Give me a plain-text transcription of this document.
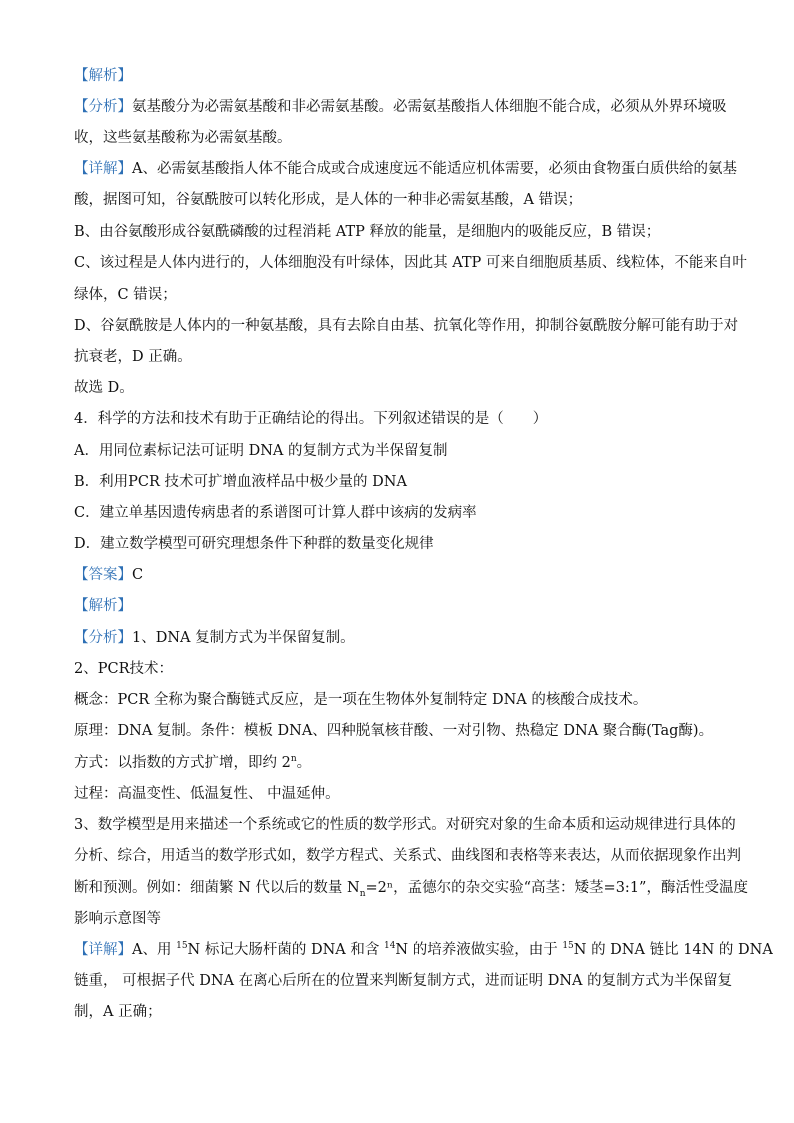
【解析】
【分析】氨基酸分为必需氨基酸和非必需氨基酸。必需氨基酸指人体细胞不能合成，必须从外界环境吸
收，这些氨基酸称为必需氨基酸。
【详解】A、必需氨基酸指人体不能合成或合成速度远不能适应机体需要，必须由食物蛋白质供给的氨基
酸，据图可知，谷氨酰胺可以转化形成，是人体的一种非必需氨基酸，A 错误；
B、由谷氨酸形成谷氨酰磷酸的过程消耗 ATP 释放的能量，是细胞内的吸能反应，B 错误；
C、该过程是人体内进行的，人体细胞没有叶绿体，因此其 ATP 可来自细胞质基质、线粒体，不能来自叶
绿体，C 错误；
D、谷氨酰胺是人体内的一种氨基酸，具有去除自由基、抗氧化等作用，抑制谷氨酰胺分解可能有助于对
抗衰老，D 正确。
故选 D。
4．科学的方法和技术有助于正确结论的得出。下列叙述错误的是（　　）
A．用同位素标记法可证明 DNA 的复制方式为半保留复制
B．利用PCR 技术可扩增血液样品中极少量的 DNA
C．建立单基因遗传病患者的系谱图可计算人群中该病的发病率
D．建立数学模型可研究理想条件下种群的数量变化规律
【答案】C
【解析】
【分析】1、DNA 复制方式为半保留复制。
2、PCR技术：
概念：PCR 全称为聚合酶链式反应，是一项在生物体外复制特定 DNA 的核酸合成技术。
原理：DNA 复制。条件：模板 DNA、四种脱氧核苷酸、一对引物、热稳定 DNA 聚合酶(Tag酶)。
方式：以指数的方式扩增，即约 2$^n$。
过程：高温变性、低温复性、 中温延伸。
3、数学模型是用来描述一个系统或它的性质的数学形式。对研究对象的生命本质和运动规律进行具体的
分析、综合，用适当的数学形式如，数学方程式、关系式、曲线图和表格等来表达，从而依据现象作出判
断和预测。例如：细菌繁 N 代以后的数量 $N_n=2^n$，孟德尔的杂交实验“高茎：矮茎=3:1”，酶活性受温度
影响示意图等
【详解】A、用 $^{15}$N 标记大肠杆菌的 DNA 和含 $^{14}$N 的培养液做实验，由于 $^{15}$N 的 DNA 链比 14N 的 DNA
链重， 可根据子代 DNA 在离心后所在的位置来判断复制方式，进而证明 DNA 的复制方式为半保留复
制，A 正确；
